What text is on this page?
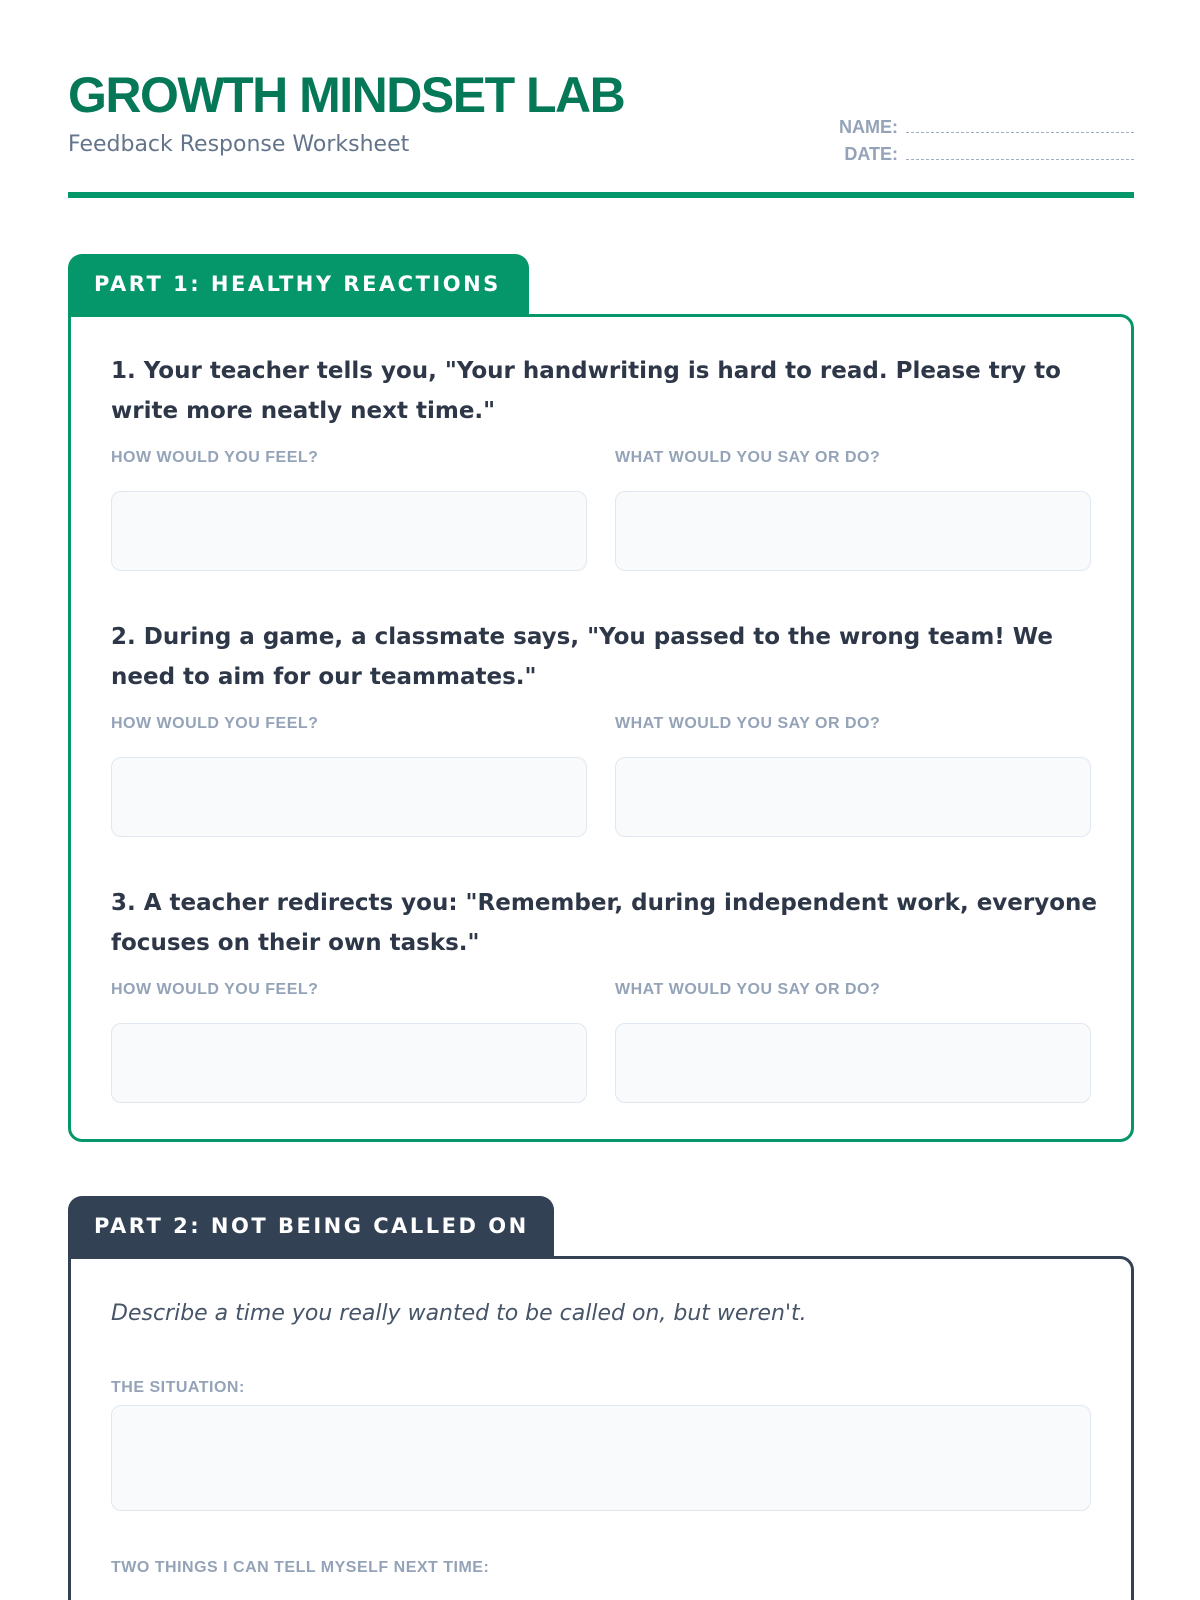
GROWTH MINDSET LAB
Feedback Response Worksheet
NAME:
DATE:
PART 1: HEALTHY REACTIONS
1. Your teacher tells you, "Your handwriting is hard to read. Please try to write more neatly next time."
HOW WOULD YOU FEEL?	WHAT WOULD YOU SAY OR DO?
2. During a game, a classmate says, "You passed to the wrong team! We need to aim for our teammates."
HOW WOULD YOU FEEL?	WHAT WOULD YOU SAY OR DO?
3. A teacher redirects you: "Remember, during independent work, everyone focuses on their own tasks."
HOW WOULD YOU FEEL?	WHAT WOULD YOU SAY OR DO?
PART 2: NOT BEING CALLED ON
Describe a time you really wanted to be called on, but weren't.
THE SITUATION:
TWO THINGS I CAN TELL MYSELF NEXT TIME:
